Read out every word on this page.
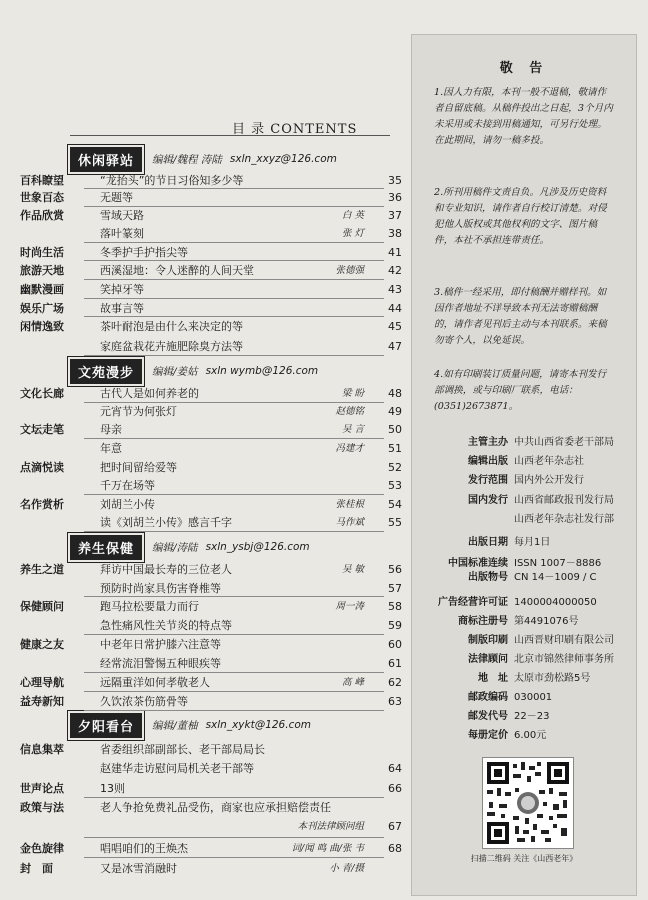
目 录 CONTENTS
休闲驿站	编辑/魏程 涛陆 sxln_xxyz@126.com
文苑漫步	编辑/姜姑 sxln wymb@126.com
养生保健	编辑/涛陆 sxln_ysbj@126.com
夕阳看台	编辑/董柚 sxln_xykt@126.com
百科瞭望	“龙抬头”的节日习俗知多少等	35
世象百态	无题等	36
作品欣赏	雪域天路	白 英	37
落叶篆刻	张 灯	38
时尚生活	冬季护手护指尖等	41
旅游天地	西溪湿地：令人迷醉的人间天堂	张德强	42
幽默漫画	笑掉牙等	43
娱乐广场	故事言等	44
闲情逸致	茶叶耐泡是由什么来决定的等	45
家庭盆栽花卉施肥除臭方法等	47
文化长廊	古代人是如何养老的	梁 盼	48
元宵节为何张灯	赵德铭	49
文坛走笔	母亲	吴 言	50
年意	冯建才	51
点滴悦读	把时间留给爱等	52
千万在场等	53
名作赏析	刘胡兰小传	张桂根	54
读《刘胡兰小传》感言千字	马作斌	55
养生之道	拜访中国最长寿的三位老人	吴 敏	56
预防时尚家具伤害脊椎等	57
保健顾问	跑马拉松要量力而行	周一涛	58
急性痛风性关节炎的特点等	59
健康之友	中老年日常护膝六注意等	60
经常流泪警惕五种眼疾等	61
心理导航	远隔重洋如何孝敬老人	高 峰	62
益寿新知	久饮浓茶伤筋骨等	63
信息集萃	省委组织部副部长、老干部局局长
赵建华走访慰问局机关老干部等	64
世声论点	13则	66
政策与法	老人争抢免费礼品受伤，商家也应承担赔偿责任
本刊法律顾问组	67
金色旋律	唱唱咱们的王焕杰	词/闻 鸣 曲/张 韦	68
封　面	又是冰雪消融时	小 青/摄
敬 告
1.因人力有限，本刊一般不退稿，敬请作者自留底稿。从稿件投出之日起，3个月内未采用或未接到用稿通知，可另行处理。在此期间，请勿一稿多投。
2.所刊用稿件文责自负。凡涉及历史资料和专业知识，请作者自行校订清楚。对侵犯他人版权或其他权利的文字、图片稿件，本社不承担连带责任。
3.稿件一经采用，即付稿酬并赠样刊。如因作者地址不详导致本刊无法寄赠稿酬的，请作者见刊后主动与本刊联系。来稿勿寄个人，以免延误。
4.如有印刷装订质量问题，请寄本刊发行部调换，或与印刷厂联系，电话：(0351)2673871。
主管主办 中共山西省委老干部局
编辑出版 山西老年杂志社
发行范围 国内外公开发行
国内发行 山西省邮政报刊发行局
山西老年杂志社发行部
出版日期 每月1日
中国标准连续 ISSN 1007－8886
出版物号 CN 14－1009 / C
广告经营许可证 1400004000050
商标注册号 第4491076号
制版印刷 山西晋财印刷有限公司
法律顾问 北京市锦然律师事务所
地　址 太原市劲松路5号
邮政编码 030001
邮发代号 22－23
每册定价 6.00元
扫描二维码 关注《山西老年》
